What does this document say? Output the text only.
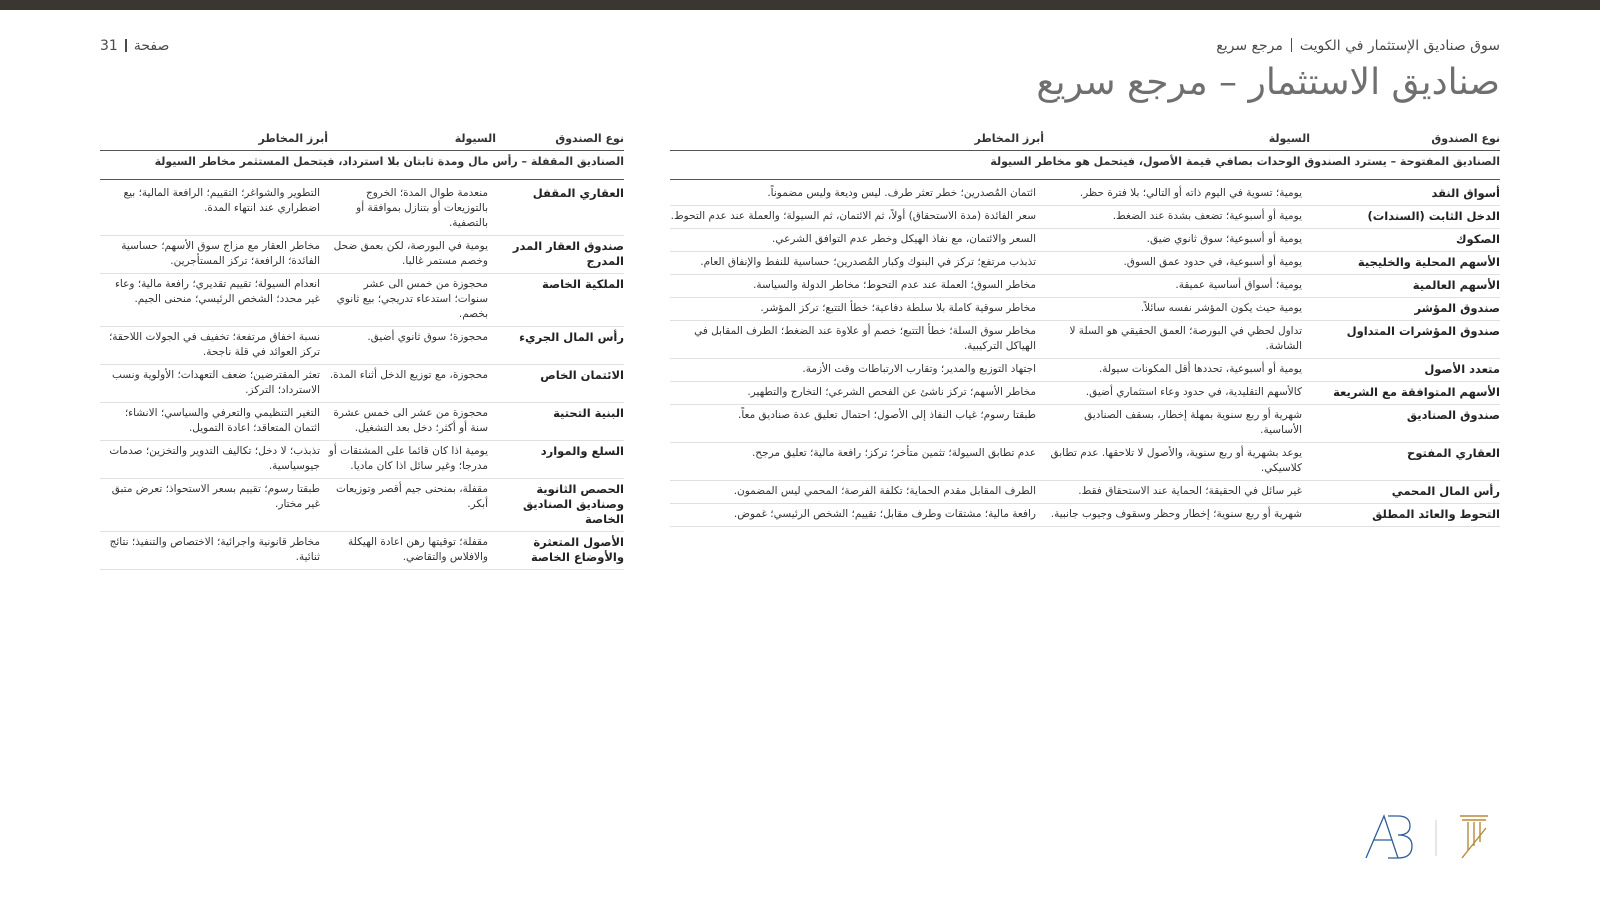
سوق صناديق الإستثمار في الكويتمرجع سريع
صفحة31
صناديق الاستثمار – مرجع سريع
نوع الصندوق	السيولة	أبرز المخاطر
الصناديق المفتوحة – يسترد الصندوق الوحدات بصافي قيمة الأصول، فيتحمل هو مخاطر السيولة		
أسواق النقد	يومية؛ تسوية في اليوم ذاته أو التالي؛ بلا فترة حظر.	ائتمان المُصدرين؛ خطر تعثر طرف. ليس وديعة وليس مضموناً.
الدخل الثابت (السندات)	يومية أو أسبوعية؛ تضعف بشدة عند الضغط.	سعر الفائدة (مدة الاستحقاق) أولاً، ثم الائتمان، ثم السيولة؛ والعملة عند عدم التحوط.
الصكوك	يومية أو أسبوعية؛ سوق ثانوي ضيق.	السعر والائتمان، مع نفاذ الهيكل وخطر عدم التوافق الشرعي.
الأسهم المحلية والخليجية	يومية أو أسبوعية، في حدود عمق السوق.	تذبذب مرتفع؛ تركز في البنوك وكبار المُصدرين؛ حساسية للنفط والإنفاق العام.
الأسهم العالمية	يومية؛ أسواق أساسية عميقة.	مخاطر السوق؛ العملة عند عدم التحوط؛ مخاطر الدولة والسياسة.
صندوق المؤشر	يومية حيث يكون المؤشر نفسه سائلاً.	مخاطر سوقية كاملة بلا سلطة دفاعية؛ خطأ التتبع؛ تركز المؤشر.
صندوق المؤشرات المتداول	تداول لحظي في البورصة؛ العمق الحقيقي هو السلة لا الشاشة.	مخاطر سوق السلة؛ خطأ التتبع؛ خصم أو علاوة عند الضغط؛ الطرف المقابل في الهياكل التركيبية.
متعدد الأصول	يومية أو أسبوعية، تحددها أقل المكونات سيولة.	اجتهاد التوزيع والمدير؛ وتقارب الارتباطات وقت الأزمة.
الأسهم المتوافقة مع الشريعة	كالأسهم التقليدية، في حدود وعاء استثماري أضيق.	مخاطر الأسهم؛ تركز ناشئ عن الفحص الشرعي؛ التخارج والتطهير.
صندوق الصناديق	شهرية أو ربع سنوية بمهلة إخطار، بسقف الصناديق الأساسية.	طبقتا رسوم؛ غياب النفاذ إلى الأصول؛ احتمال تعليق عدة صناديق معاً.
العقاري المفتوح	يوعد بشهرية أو ربع سنوية، والأصول لا تلاحقها. عدم تطابق كلاسيكي.	عدم تطابق السيولة؛ تثمين متأخر؛ تركز؛ رافعة مالية؛ تعليق مرجح.
رأس المال المحمي	غير سائل في الحقيقة؛ الحماية عند الاستحقاق فقط.	الطرف المقابل مقدم الحماية؛ تكلفة الفرصة؛ المحمي ليس المضمون.
التحوط والعائد المطلق	شهرية أو ربع سنوية؛ إخطار وحظر وسقوف وجيوب جانبية.	رافعة مالية؛ مشتقات وطرف مقابل؛ تقييم؛ الشخص الرئيسي؛ غموض.
نوع الصندوق	السيولة	أبرز المخاطر
الصناديق المقفلة – رأس مال ومدة ثابتان بلا استرداد، فيتحمل المستثمر مخاطر السيولة		
العقاري المقفل	منعدمة طوال المدة؛ الخروج بالتوزيعات أو بتنازل بموافقة أو بالتصفية.	التطوير والشواغر؛ التقييم؛ الرافعة المالية؛ بيع اضطراري عند انتهاء المدة.
صندوق العقار المدر المدرج	يومية في البورصة، لكن بعمق ضحل وخصم مستمر غالبا.	مخاطر العقار مع مزاج سوق الأسهم؛ حساسية الفائدة؛ الرافعة؛ تركز المستأجرين.
الملكية الخاصة	محجوزة من خمس الى عشر سنوات؛ استدعاء تدريجي؛ بيع ثانوي بخصم.	انعدام السيولة؛ تقييم تقديري؛ رافعة مالية؛ وعاء غير محدد؛ الشخص الرئيسي؛ منحنى الجيم.
رأس المال الجريء	محجوزة؛ سوق ثانوي أضيق.	نسبة اخفاق مرتفعة؛ تخفيف في الجولات اللاحقة؛ تركز العوائد في قلة ناجحة.
الائتمان الخاص	محجوزة، مع توزيع الدخل أثناء المدة.	تعثر المقترضين؛ ضعف التعهدات؛ الأولوية ونسب الاسترداد؛ التركز.
البنية التحتية	محجوزة من عشر الى خمس عشرة سنة أو أكثر؛ دخل بعد التشغيل.	التغير التنظيمي والتعرفي والسياسي؛ الانشاء؛ ائتمان المتعاقد؛ اعادة التمويل.
السلع والموارد	يومية اذا كان قائما على المشتقات أو مدرجا؛ وغير سائل اذا كان ماديا.	تذبذب؛ لا دخل؛ تكاليف التدوير والتخزين؛ صدمات جيوسياسية.
الحصص الثانوية وصناديق الصناديق الخاصة	مقفلة، بمنحنى جيم أقصر وتوزيعات أبكر.	طبقتا رسوم؛ تقييم بسعر الاستحواذ؛ تعرض متبق غير مختار.
الأصول المتعثرة والأوضاع الخاصة	مقفلة؛ توقيتها رهن اعادة الهيكلة والافلاس والتقاضي.	مخاطر قانونية واجرائية؛ الاختصاص والتنفيذ؛ نتائج ثنائية.
